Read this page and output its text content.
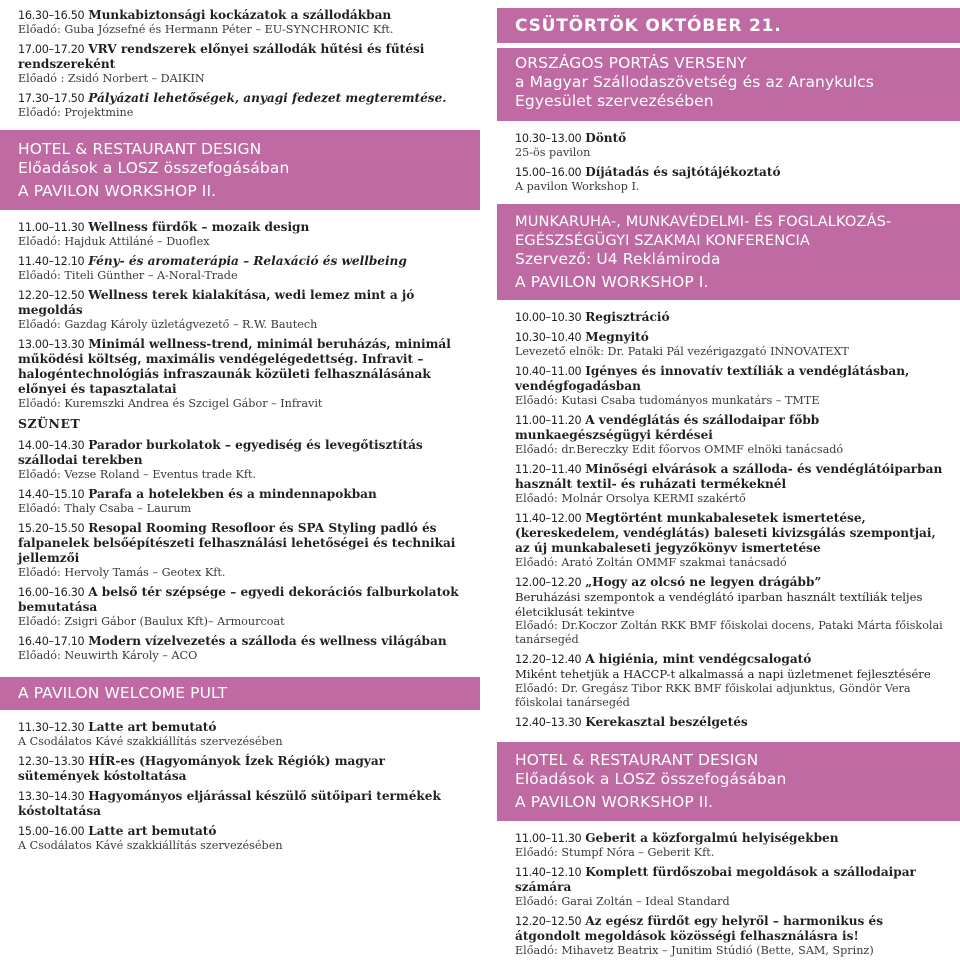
16.30–16.50 Munkabiztonsági kockázatok a szállodákban
Előadó: Guba Józsefné és Hermann Péter – EU-SYNCHRONIC Kft.
17.00–17.20 VRV rendszerek előnyei szállodák hűtési és fűtési rendszereként
Előadó : Zsidó Norbert – DAIKIN
17.30–17.50 Pályázati lehetőségek, anyagi fedezet megteremtése.
Előadó: Projektmine
HOTEL & RESTAURANT DESIGN
Előadások a LOSZ összefogásában
A PAVILON WORKSHOP II.
11.00–11.30 Wellness fürdők – mozaik design
Előadó: Hajduk Attiláné – Duoflex
11.40–12.10 Fény- és aromaterápia – Relaxáció és wellbeing
Előadó: Titeli Günther – A-Noral-Trade
12.20–12.50 Wellness terek kialakítása, wedi lemez mint a jó megoldás
Előadó: Gazdag Károly üzletágvezető – R.W. Bautech
13.00–13.30 Minimál wellness-trend, minimál beruházás, minimál működési költség, maximális vendégelégedettség. Infravit – halogéntechnológiás infraszaunák közületi felhasználásának előnyei és tapasztalatai
Előadó: Kuremszki Andrea és Szcigel Gábor – Infravit
SZÜNET
14.00–14.30 Parador burkolatok – egyediség és levegőtisztítás szállodai terekben
Előadó: Vezse Roland – Eventus trade Kft.
14.40–15.10 Parafa a hotelekben és a mindennapokban
Előadó: Thaly Csaba – Laurum
15.20–15.50 Resopal Rooming Resofloor és SPA Styling padló és falpanelek belsőépítészeti felhasználási lehetőségei és technikai jellemzői
Előadó: Hervoly Tamás – Geotex Kft.
16.00–16.30 A belső tér szépsége – egyedi dekorációs falburkolatok bemutatása
Előadó: Zsigri Gábor (Baulux Kft)– Armourcoat
16.40–17.10 Modern vízelvezetés a szálloda és wellness világában
Előadó: Neuwirth Károly – ACO
A PAVILON WELCOME PULT
11.30–12.30 Latte art bemutató
A Csodálatos Kávé szakkiállítás szervezésében
12.30–13.30 HÍR-es (Hagyományok Ízek Régiók) magyar sütemények kóstoltatása
13.30–14.30 Hagyományos eljárással készülő sütőipari termékek kóstoltatása
15.00–16.00 Latte art bemutató
A Csodálatos Kávé szakkiállítás szervezésében
CSÜTÖRTÖK OKTÓBER 21.
ORSZÁGOS PORTÁS VERSENY
a Magyar Szállodaszövetség és az Aranykulcs
Egyesület szervezésében
10.30–13.00 Döntő
25-ös pavilon
15.00–16.00 Díjátadás és sajtótájékoztató
A pavilon Workshop I.
MUNKARUHA-, MUNKAVÉDELMI- ÉS FOGLALKOZÁS-
EGÉSZSÉGÜGYI SZAKMAI KONFERENCIA
Szervező: U4 Reklámiroda
A PAVILON WORKSHOP I.
10.00–10.30 Regisztráció
10.30–10.40 Megnyitó
Levezető elnök: Dr. Pataki Pál vezérigazgató INNOVATEXT
10.40–11.00 Igényes és innovatív textíliák a vendéglátásban, vendégfogadásban
Előadó: Kutasi Csaba tudományos munkatárs – TMTE
11.00–11.20 A vendéglátás és szállodaipar főbb munkaegészségügyi kérdései
Előadó: dr.Bereczky Edit főorvos OMMF elnöki tanácsadó
11.20–11.40 Minőségi elvárások a szálloda- és vendéglátóiparban használt textil- és ruházati termékeknél
Előadó: Molnár Orsolya KERMI szakértő
11.40–12.00 Megtörtént munkabalesetek ismertetése, (kereskedelem, vendéglátás) baleseti kivizsgálás szempontjai, az új munkabaleseti jegyzőkönyv ismertetése
Előadó: Arató Zoltán OMMF szakmai tanácsadó
12.00–12.20 „Hogy az olcsó ne legyen drágább”
Beruházási szempontok a vendéglátó iparban használt textíliák teljes életciklusát tekintve
Előadó: Dr.Koczor Zoltán RKK BMF főiskolai docens, Pataki Márta főiskolai tanársegéd
12.20–12.40 A higiénia, mint vendégcsalogató
Miként tehetjük a HACCP-t alkalmassá a napi üzletmenet fejlesztésére
Előadó: Dr. Gregász Tibor RKK BMF főiskolai adjunktus, Göndör Vera főiskolai tanársegéd
12.40–13.30 Kerekasztal beszélgetés
HOTEL & RESTAURANT DESIGN
Előadások a LOSZ összefogásában
A PAVILON WORKSHOP II.
11.00–11.30 Geberit a közforgalmú helyiségekben
Előadó: Stumpf Nóra – Geberit Kft.
11.40–12.10 Komplett fürdőszobai megoldások a szállodaipar számára
Előadó: Garai Zoltán – Ideal Standard
12.20–12.50 Az egész fürdőt egy helyről – harmonikus és átgondolt megoldások közösségi felhasználásra is!
Előadó: Mihavetz Beatrix – Junitim Stúdió (Bette, SAM, Sprinz)
